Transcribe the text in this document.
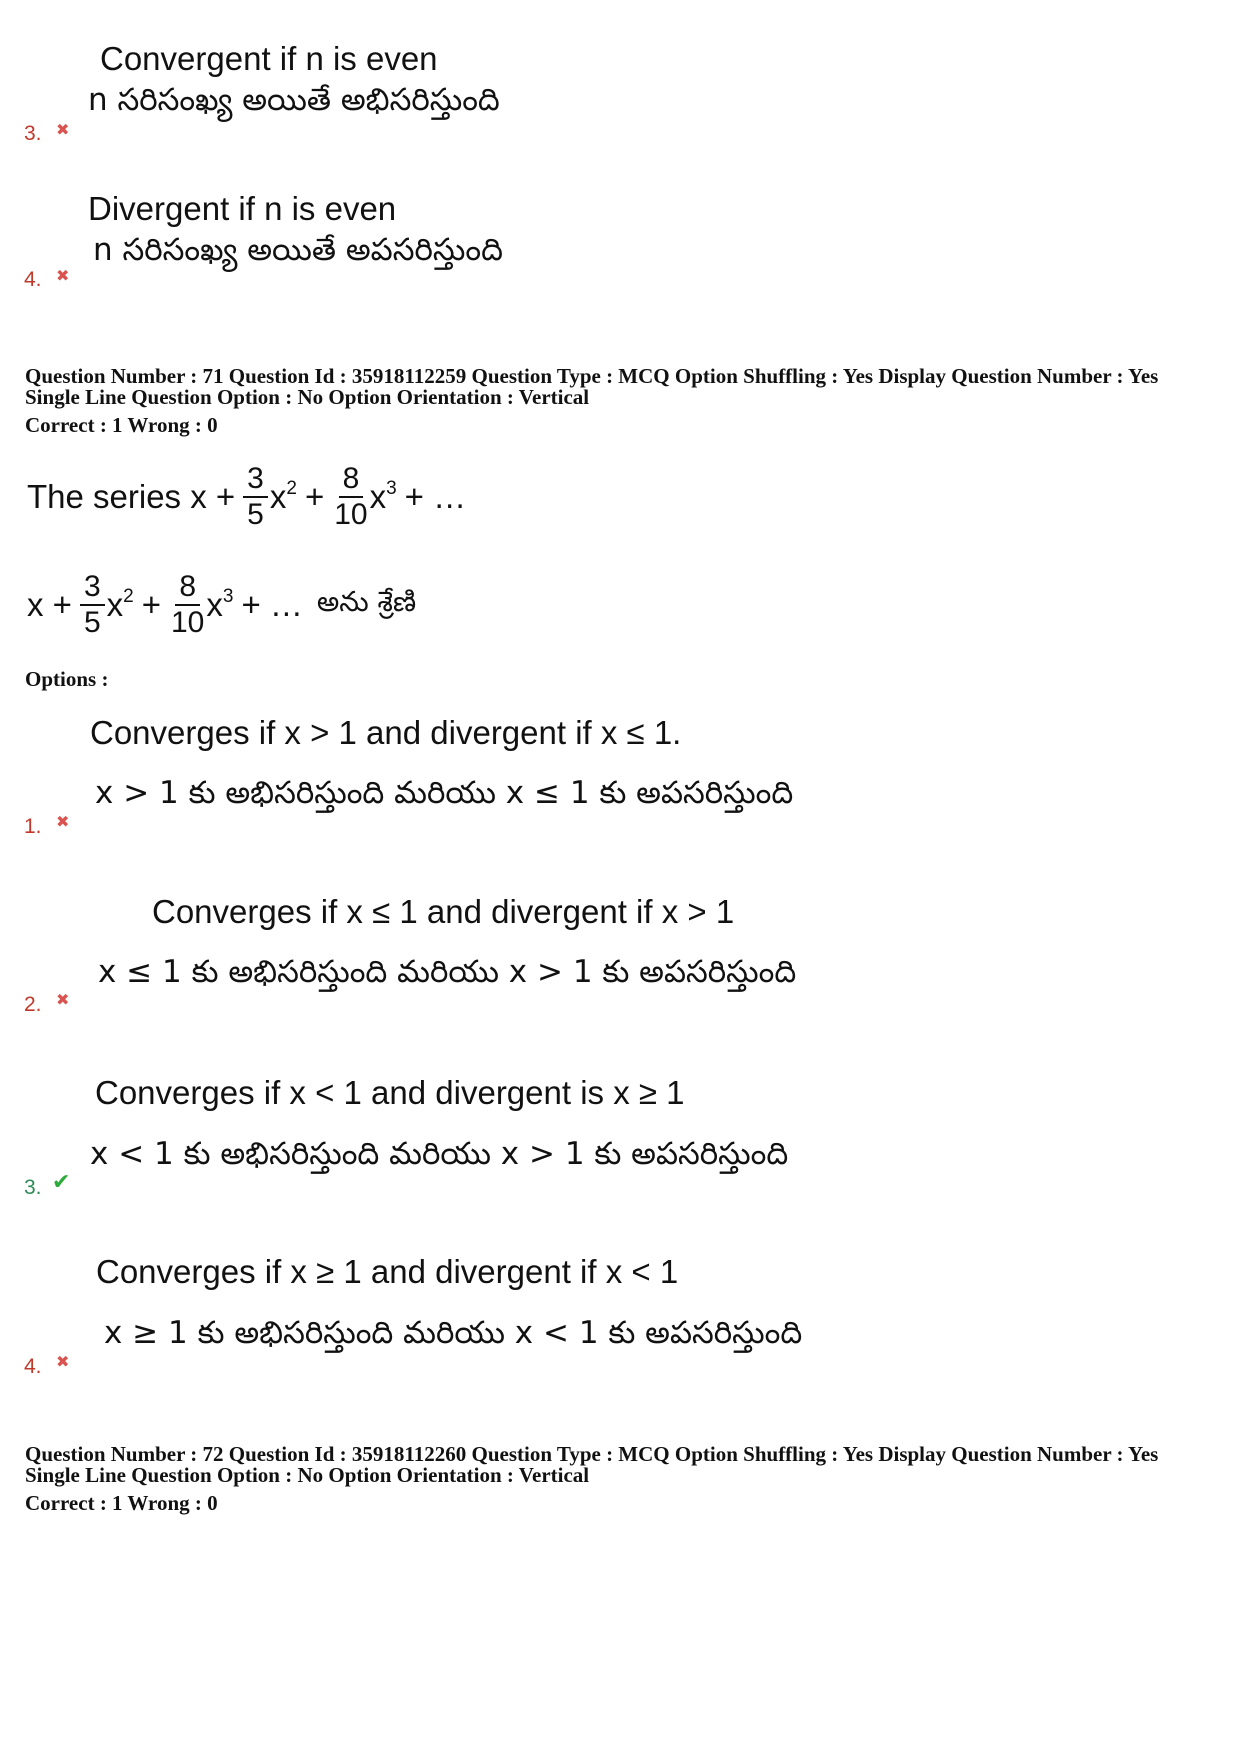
Convergent if n is even
n సరిసంఖ్య అయితే అభిసరిస్తుంది
3. ✖
Divergent if n is even
n సరిసంఖ్య అయితే అపసరిస్తుంది
4. ✖
Question Number : 71 Question Id : 35918112259 Question Type : MCQ Option Shuffling : Yes Display Question Number : Yes
Single Line Question Option : No Option Orientation : Vertical
Correct : 1 Wrong : 0
The series $x + \frac{3}{5} x^2 + \frac{8}{10} x^3$ + …
$x + \frac{3}{5} x^2 + \frac{8}{10} x^3$ + … అను శ్రేణి
Options :
Converges if x > 1 and divergent if x ≤ 1.
x > 1 కు అభిసరిస్తుంది మరియు x ≤ 1 కు అపసరిస్తుంది
1. ✖
Converges if x ≤ 1 and divergent if x > 1
x ≤ 1 కు అభిసరిస్తుంది మరియు x > 1 కు అపసరిస్తుంది
2. ✖
Converges if x < 1 and divergent is x ≥ 1
x < 1 కు అభిసరిస్తుంది మరియు x > 1 కు అపసరిస్తుంది
3. ✔
Converges if x ≥ 1 and divergent if x < 1
x ≥ 1 కు అభిసరిస్తుంది మరియు x < 1 కు అపసరిస్తుంది
4. ✖
Question Number : 72 Question Id : 35918112260 Question Type : MCQ Option Shuffling : Yes Display Question Number : Yes
Single Line Question Option : No Option Orientation : Vertical
Correct : 1 Wrong : 0
